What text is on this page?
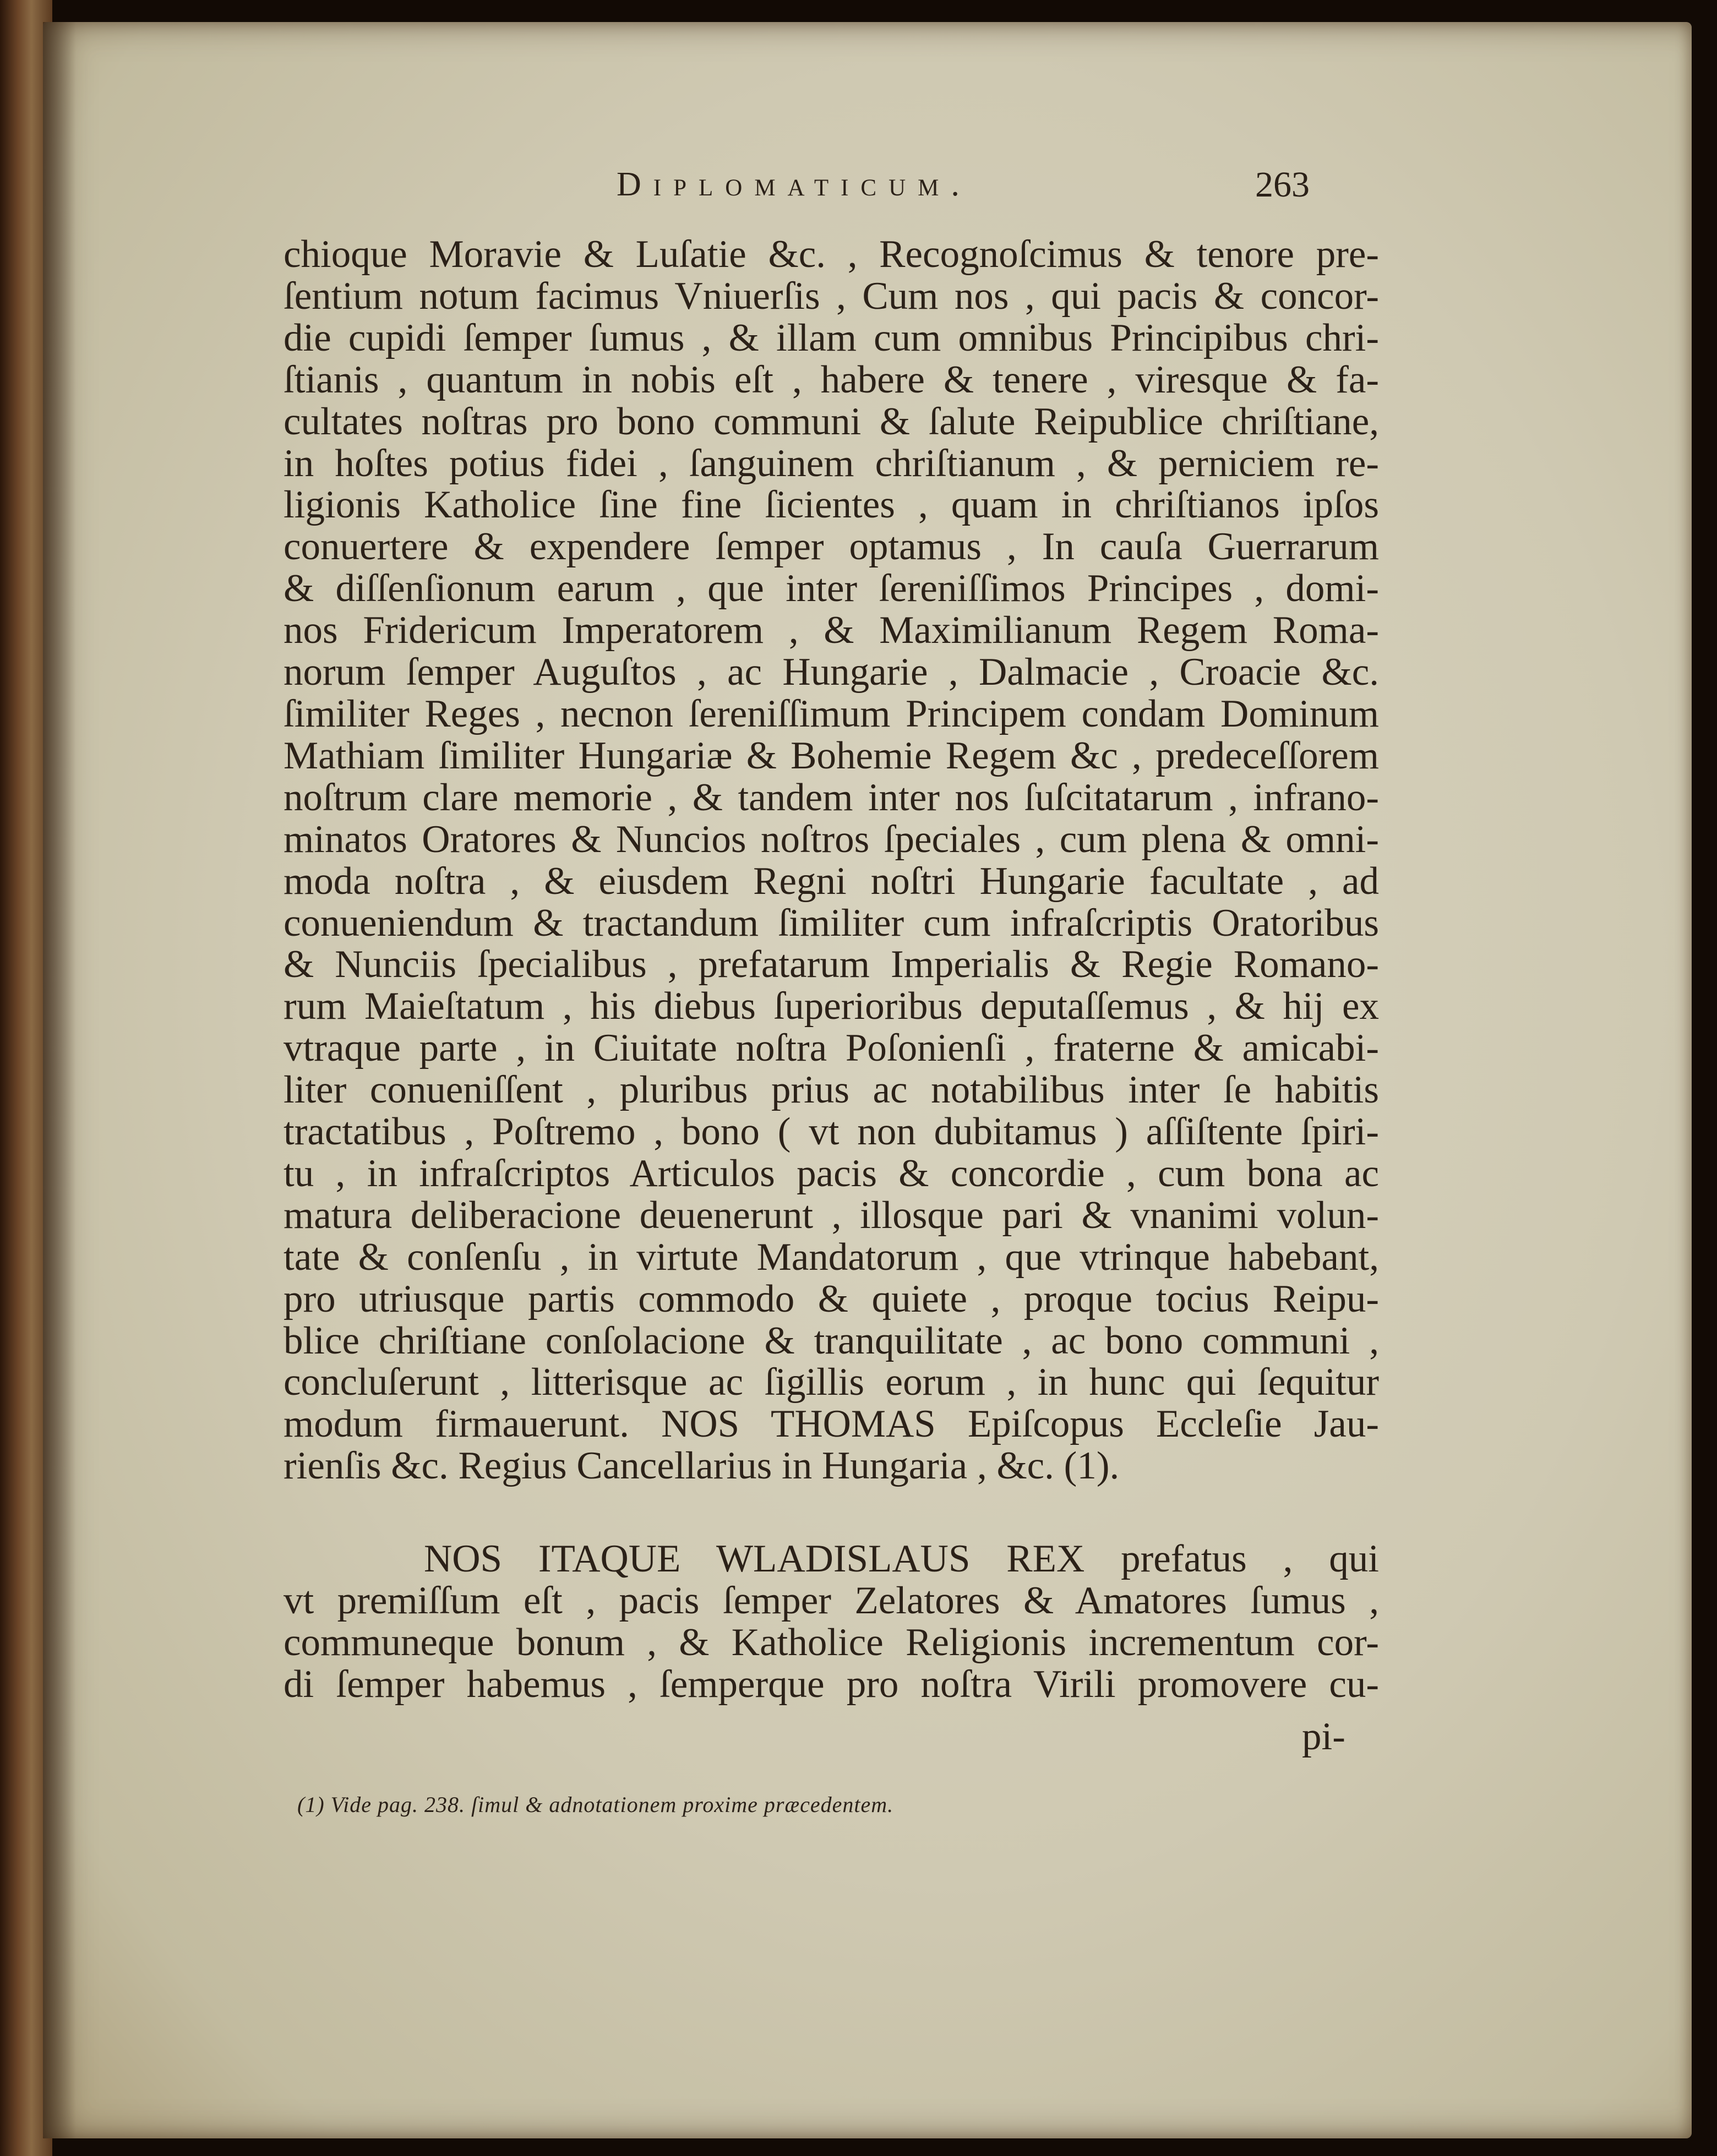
Diplomaticum.	263
chioque Moravie & Luſatie &c. , Recognoſcimus & tenore pre-
ſentium notum facimus Vniuerſis , Cum nos , qui pacis & concor-
die cupidi ſemper ſumus , & illam cum omnibus Principibus chri-
ſtianis , quantum in nobis eſt , habere & tenere , viresque & fa-
cultates noſtras pro bono communi & ſalute Reipublice chriſtiane,
in hoſtes potius fidei , ſanguinem chriſtianum , & perniciem re-
ligionis Katholice ſine fine ſicientes , quam in chriſtianos ipſos
conuertere & expendere ſemper optamus , In cauſa Guerrarum
& diſſenſionum earum , que inter ſereniſſimos Principes , domi-
nos Fridericum Imperatorem , & Maximilianum Regem Roma-
norum ſemper Auguſtos , ac Hungarie , Dalmacie , Croacie &c.
ſimiliter Reges , necnon ſereniſſimum Principem condam Dominum
Mathiam ſimiliter Hungariæ & Bohemie Regem &c , predeceſſorem
noſtrum clare memorie , & tandem inter nos ſuſcitatarum , infrano-
minatos Oratores & Nuncios noſtros ſpeciales , cum plena & omni-
moda noſtra , & eiusdem Regni noſtri Hungarie facultate , ad
conueniendum & tractandum ſimiliter cum infraſcriptis Oratoribus
& Nunciis ſpecialibus , prefatarum Imperialis & Regie Romano-
rum Maieſtatum , his diebus ſuperioribus deputaſſemus , & hij ex
vtraque parte , in Ciuitate noſtra Poſonienſi , fraterne & amicabi-
liter conueniſſent , pluribus prius ac notabilibus inter ſe habitis
tractatibus , Poſtremo , bono ( vt non dubitamus ) aſſiſtente ſpiri-
tu , in infraſcriptos Articulos pacis & concordie , cum bona ac
matura deliberacione deuenerunt , illosque pari & vnanimi volun-
tate & conſenſu , in virtute Mandatorum , que vtrinque habebant,
pro utriusque partis commodo & quiete , proque tocius Reipu-
blice chriſtiane conſolacione & tranquilitate , ac bono communi ,
concluſerunt , litterisque ac ſigillis eorum , in hunc qui ſequitur
modum firmauerunt. NOS THOMAS Epiſcopus Eccleſie Jau-
rienſis &c. Regius Cancellarius in Hungaria , &c. (1).
NOS ITAQUE WLADISLAUS REX prefatus , qui
vt premiſſum eſt , pacis ſemper Zelatores & Amatores ſumus ,
communeque bonum , & Katholice Religionis incrementum cor-
di ſemper habemus , ſemperque pro noſtra Virili promovere cu-
pi-
(1) Vide pag. 238. ſimul & adnotationem proxime præcedentem.
